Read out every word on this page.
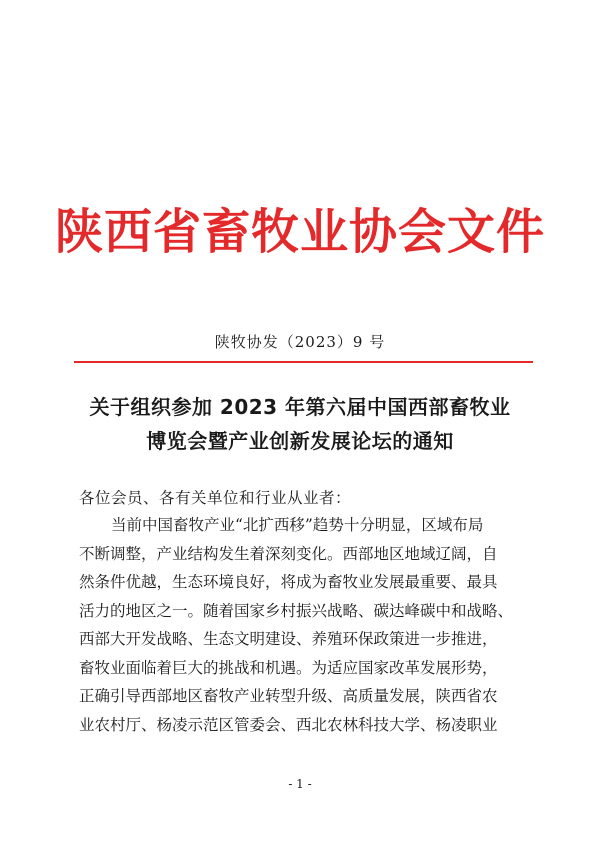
陕西省畜牧业协会文件
陕牧协发（2023）9 号
关于组织参加 2023 年第六届中国西部畜牧业
博览会暨产业创新发展论坛的通知
各位会员、各有关单位和行业从业者：
当前中国畜牧产业“北扩西移”趋势十分明显，区域布局
不断调整，产业结构发生着深刻变化。西部地区地域辽阔，自
然条件优越，生态环境良好，将成为畜牧业发展最重要、最具
活力的地区之一。随着国家乡村振兴战略、碳达峰碳中和战略、
西部大开发战略、生态文明建设、养殖环保政策进一步推进，
畜牧业面临着巨大的挑战和机遇。为适应国家改革发展形势，
正确引导西部地区畜牧产业转型升级、高质量发展，陕西省农
业农村厅、杨凌示范区管委会、西北农林科技大学、杨凌职业
- 1 -
